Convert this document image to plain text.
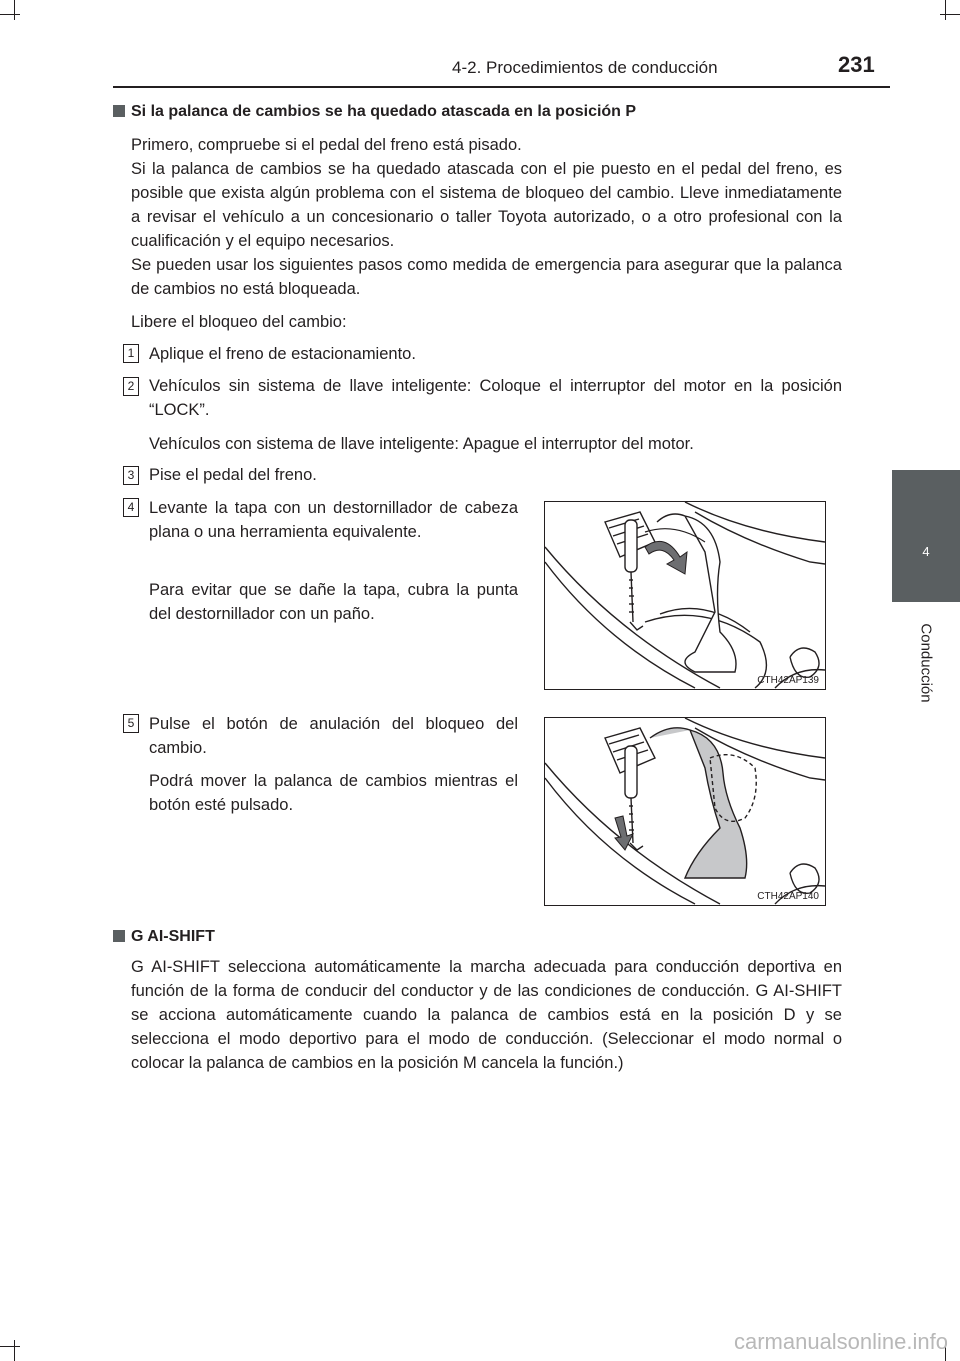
4-2. Procedimientos de conducción	231
4
Conducción
Si la palanca de cambios se ha quedado atascada en la posición P

Primero, compruebe si el pedal del freno está pisado.

Si la palanca de cambios se ha quedado atascada con el pie puesto en el pedal del freno, es posible que exista algún problema con el sistema de bloqueo del cambio. Lleve inmediatamente a revisar el vehículo a un concesionario o taller Toyota autorizado, o a otro profesional con la cualificación y el equipo necesarios.

Se pueden usar los siguientes pasos como medida de emergencia para asegurar que la palanca de cambios no está bloqueada.

Libere el bloqueo del cambio:
1 Aplique el freno de estacionamiento.
2 Vehículos sin sistema de llave inteligente: Coloque el interruptor del motor en la posición “LOCK”.
Vehículos con sistema de llave inteligente: Apague el interruptor del motor.
3 Pise el pedal del freno.
4 Levante la tapa con un destornillador de cabeza plana o una herramienta equivalente.
Para evitar que se dañe la tapa, cubra la punta del destornillador con un paño.
5 Pulse el botón de anulación del bloqueo del cambio.
Podrá mover la palanca de cambios mientras el botón esté pulsado.
CTH42AP139
CTH42AP140
G AI-SHIFT
G AI-SHIFT selecciona automáticamente la marcha adecuada para conducción deportiva en función de la forma de conducir del conductor y de las condiciones de conducción. G AI-SHIFT se acciona automáticamente cuando la palanca de cambios está en la posición D y se selecciona el modo deportivo para el modo de conducción. (Seleccionar el modo normal o colocar la palanca de cambios en la posición M cancela la función.)
carmanualsonline.info
